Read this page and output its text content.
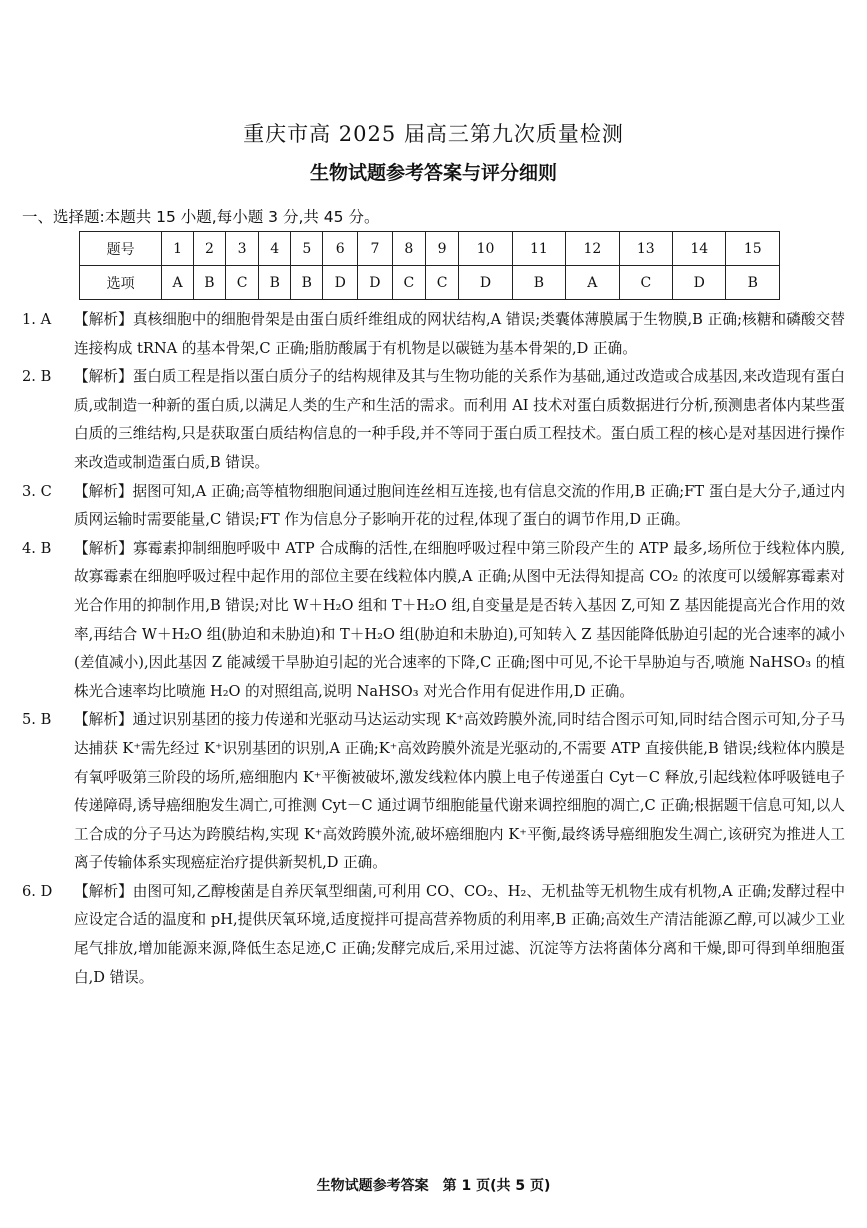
重庆市高 2025 届高三第九次质量检测
生物试题参考答案与评分细则
一、选择题:本题共 15 小题,每小题 3 分,共 45 分。
题号	1	2	3	4	5	6	7	8	9	10	11	12	13	14	15
选项	A	B	C	B	B	D	D	C	C	D	B	A	C	D	B
1. A	【解析】真核细胞中的细胞骨架是由蛋白质纤维组成的网状结构,A 错误;类囊体薄膜属于生物膜,B 正确;核糖和磷酸交替连接构成 tRNA 的基本骨架,C 正确;脂肪酸属于有机物是以碳链为基本骨架的,D 正确。
2. B	【解析】蛋白质工程是指以蛋白质分子的结构规律及其与生物功能的关系作为基础,通过改造或合成基因,来改造现有蛋白质,或制造一种新的蛋白质,以满足人类的生产和生活的需求。而利用 AI 技术对蛋白质数据进行分析,预测患者体内某些蛋白质的三维结构,只是获取蛋白质结构信息的一种手段,并不等同于蛋白质工程技术。蛋白质工程的核心是对基因进行操作来改造或制造蛋白质,B 错误。
3. C	【解析】据图可知,A 正确;高等植物细胞间通过胞间连丝相互连接,也有信息交流的作用,B 正确;FT 蛋白是大分子,通过内质网运输时需要能量,C 错误;FT 作为信息分子影响开花的过程,体现了蛋白的调节作用,D 正确。
4. B	【解析】寡霉素抑制细胞呼吸中 ATP 合成酶的活性,在细胞呼吸过程中第三阶段产生的 ATP 最多,场所位于线粒体内膜,故寡霉素在细胞呼吸过程中起作用的部位主要在线粒体内膜,A 正确;从图中无法得知提高 CO₂ 的浓度可以缓解寡霉素对光合作用的抑制作用,B 错误;对比 W＋H₂O 组和 T＋H₂O 组,自变量是是否转入基因 Z,可知 Z 基因能提高光合作用的效率,再结合 W＋H₂O 组(胁迫和未胁迫)和 T＋H₂O 组(胁迫和未胁迫),可知转入 Z 基因能降低胁迫引起的光合速率的减小(差值减小),因此基因 Z 能减缓干旱胁迫引起的光合速率的下降,C 正确;图中可见,不论干旱胁迫与否,喷施 NaHSO₃ 的植株光合速率均比喷施 H₂O 的对照组高,说明 NaHSO₃ 对光合作用有促进作用,D 正确。
5. B	【解析】通过识别基团的接力传递和光驱动马达运动实现 K⁺高效跨膜外流,同时结合图示可知,同时结合图示可知,分子马达捕获 K⁺需先经过 K⁺识别基团的识别,A 正确;K⁺高效跨膜外流是光驱动的,不需要 ATP 直接供能,B 错误;线粒体内膜是有氧呼吸第三阶段的场所,癌细胞内 K⁺平衡被破坏,激发线粒体内膜上电子传递蛋白 Cyt－C 释放,引起线粒体呼吸链电子传递障碍,诱导癌细胞发生凋亡,可推测 Cyt－C 通过调节细胞能量代谢来调控细胞的凋亡,C 正确;根据题干信息可知,以人工合成的分子马达为跨膜结构,实现 K⁺高效跨膜外流,破坏癌细胞内 K⁺平衡,最终诱导癌细胞发生凋亡,该研究为推进人工离子传输体系实现癌症治疗提供新契机,D 正确。
6. D	【解析】由图可知,乙醇梭菌是自养厌氧型细菌,可利用 CO、CO₂、H₂、无机盐等无机物生成有机物,A 正确;发酵过程中应设定合适的温度和 pH,提供厌氧环境,适度搅拌可提高营养物质的利用率,B 正确;高效生产清洁能源乙醇,可以减少工业尾气排放,增加能源来源,降低生态足迹,C 正确;发酵完成后,采用过滤、沉淀等方法将菌体分离和干燥,即可得到单细胞蛋白,D 错误。
生物试题参考答案　第 1 页(共 5 页)
